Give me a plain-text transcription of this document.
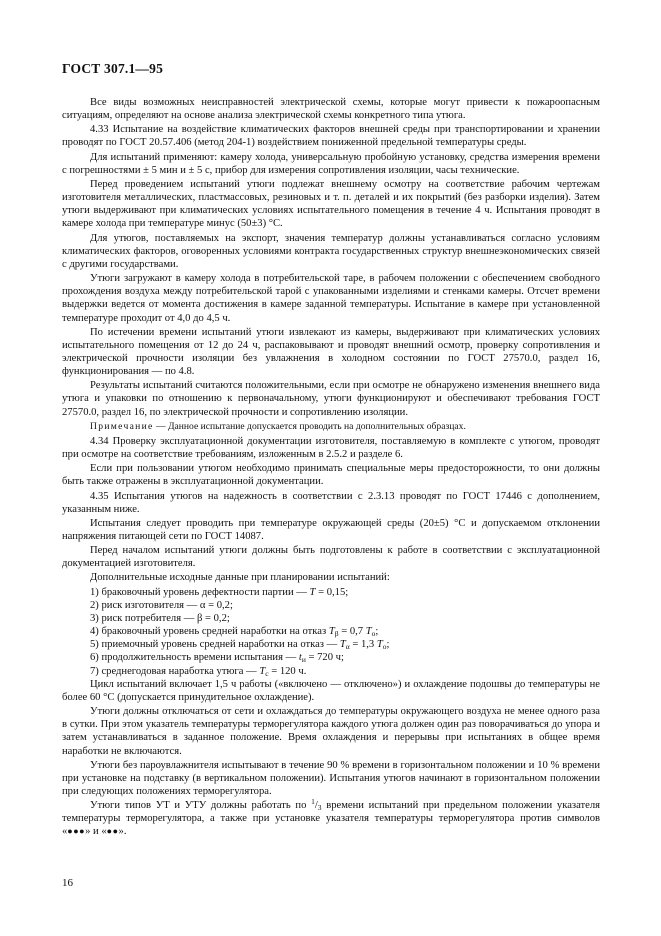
ГОСТ 307.1—95

Все виды возможных неисправностей электрической схемы, которые могут привести к пожароопасным ситуациям, определяют на основе анализа электрической схемы конкретного типа утюга.

4.33 Испытание на воздействие климатических факторов внешней среды при транспортировании и хранении проводят по ГОСТ 20.57.406 (метод 204-1) воздействием пониженной предельной температуры среды.

Для испытаний применяют: камеру холода, универсальную пробойную установку, средства измерения времени с погрешностями ± 5 мин и ± 5 с, прибор для измерения сопротивления изоляции, часы технические.

Перед проведением испытаний утюги подлежат внешнему осмотру на соответствие рабочим чертежам изготовителя металлических, пластмассовых, резиновых и т. п. деталей и их покрытий (без разборки изделия). Затем утюги выдерживают при климатических условиях испытательного помещения в течение 4 ч. Испытания проводят в камере холода при температуре минус (50±3) °С.

Для утюгов, поставляемых на экспорт, значения температур должны устанавливаться согласно условиям климатических факторов, оговоренных условиями контракта государственных структур внешнеэкономических связей с другими государствами.

Утюги загружают в камеру холода в потребительской таре, в рабочем положении с обеспечением свободного прохождения воздуха между потребительской тарой с упакованными изделиями и стенками камеры. Отсчет времени выдержки ведется от момента достижения в камере заданной температуры. Испытание в камере при установленной температуре проходит от 4,0 до 4,5 ч.

По истечении времени испытаний утюги извлекают из камеры, выдерживают при климатических условиях испытательного помещения от 12 до 24 ч, распаковывают и проводят внешний осмотр, проверку сопротивления и электрической прочности изоляции без увлажнения в холодном состоянии по ГОСТ 27570.0, раздел 16, функционирования — по 4.8.

Результаты испытаний считаются положительными, если при осмотре не обнаружено изменения внешнего вида утюга и упаковки по отношению к первоначальному, утюги функционируют и обеспечивают требования ГОСТ 27570.0, раздел 16, по электрической прочности и сопротивлению изоляции.

Примечание — Данное испытание допускается проводить на дополнительных образцах.

4.34 Проверку эксплуатационной документации изготовителя, поставляемую в комплекте с утюгом, проводят при осмотре на соответствие требованиям, изложенным в 2.5.2 и разделе 6.

Если при пользовании утюгом необходимо принимать специальные меры предосторожности, то они должны быть также отражены в эксплуатационной документации.

4.35 Испытания утюгов на надежность в соответствии с 2.3.13 проводят по ГОСТ 17446 с дополнением, указанным ниже.

Испытания следует проводить при температуре окружающей среды (20±5) °С и допускаемом отклонении напряжения питающей сети по ГОСТ 14087.

Перед началом испытаний утюги должны быть подготовлены к работе в соответствии с эксплуатационной документацией изготовителя.

Дополнительные исходные данные при планировании испытаний:

1) браковочный уровень дефектности партии — T = 0,15;
2) риск изготовителя — α = 0,2;
3) риск потребителя — β = 0,2;
4) браковочный уровень средней наработки на отказ $T_\beta = 0,7$ $T_о$;
5) приемочный уровень средней наработки на отказ — $T_\alpha = 1,3$ $T_о$;
6) продолжительность времени испытания — $t_и = 720$ ч;
7) среднегодовая наработка утюга — $T_с = 120$ ч.

Цикл испытаний включает 1,5 ч работы («включено — отключено») и охлаждение подошвы до температуры не более 60 °С (допускается принудительное охлаждение).

Утюги должны отключаться от сети и охлаждаться до температуры окружающего воздуха не менее одного раза в сутки. При этом указатель температуры терморегулятора каждого утюга должен один раз поворачиваться до упора и затем устанавливаться в заданное положение. Время охлаждения и перерывы при испытаниях в общее время наработки не включаются.

Утюги без пароувлажнителя испытывают в течение 90 % времени в горизонтальном положении и 10 % времени при установке на подставку (в вертикальном положении). Испытания утюгов начинают в горизонтальном положении при следующих положениях терморегулятора.

Утюги типов УТ и УТУ должны работать по $^1/_3$ времени испытаний при предельном положении указателя температуры терморегулятора, а также при установке указателя температуры терморегулятора против символов «●●●» и «●●».

16
